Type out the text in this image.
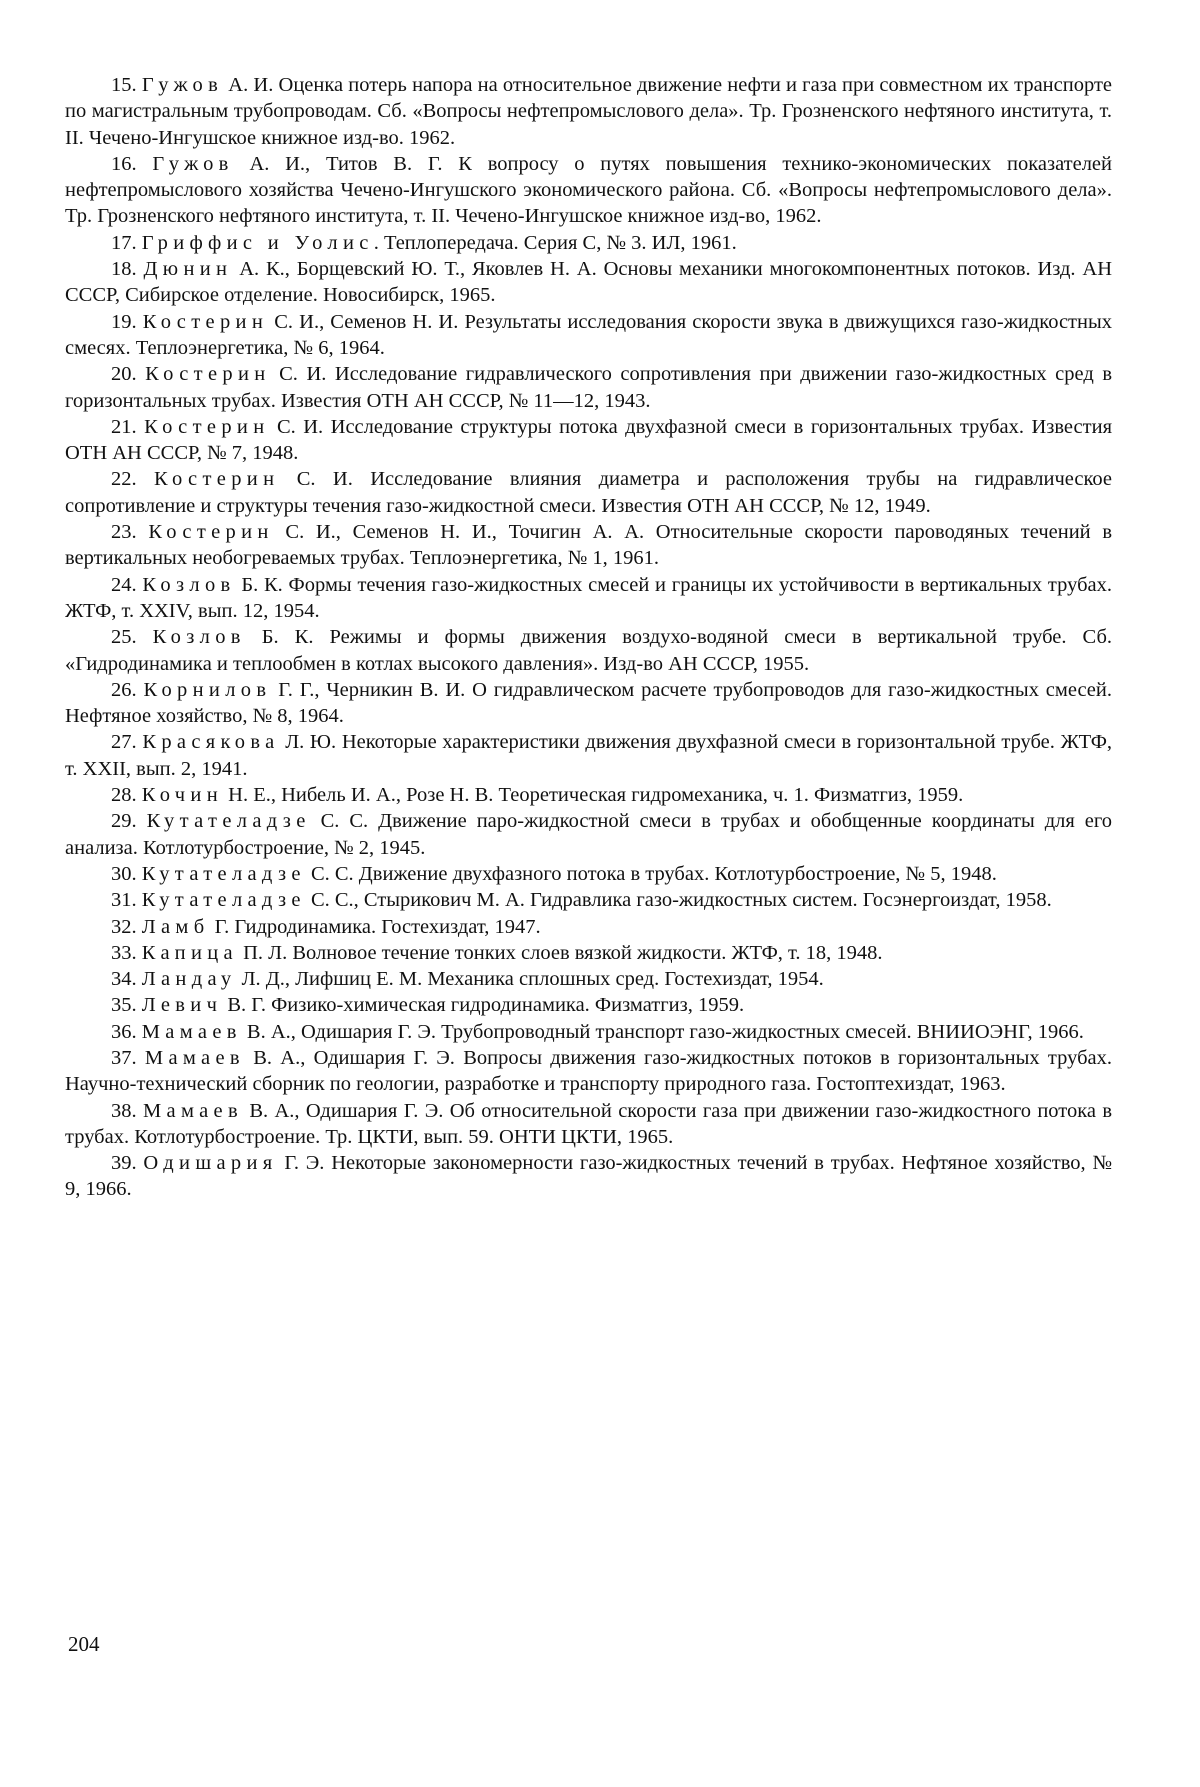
15. Гужов А. И. Оценка потерь напора на относительное движение нефти и газа при совместном их транспорте по магистральным трубопроводам. Сб. «Вопросы нефтепромыслового дела». Тр. Грозненского нефтяного института, т. II. Чечено-Ингушское книжное изд-во. 1962.
16. Гужов А. И., Титов В. Г. К вопросу о путях повышения технико-экономических показателей нефтепромыслового хозяйства Чечено-Ингушского экономического района. Сб. «Вопросы нефтепромыслового дела». Тр. Грозненского нефтяного института, т. II. Чечено-Ингушское книжное изд-во, 1962.
17. Гриффис и Уолис. Теплопередача. Серия С, № 3. ИЛ, 1961.
18. Дюнин А. К., Борщевский Ю. Т., Яковлев Н. А. Основы механики многокомпонентных потоков. Изд. АН СССР, Сибирское отделение. Новосибирск, 1965.
19. Костерин С. И., Семенов Н. И. Результаты исследования скорости звука в движущихся газо-жидкостных смесях. Теплоэнергетика, № 6, 1964.
20. Костерин С. И. Исследование гидравлического сопротивления при движении газо-жидкостных сред в горизонтальных трубах. Известия ОТН АН СССР, № 11—12, 1943.
21. Костерин С. И. Исследование структуры потока двухфазной смеси в горизонтальных трубах. Известия ОТН АН СССР, № 7, 1948.
22. Костерин С. И. Исследование влияния диаметра и расположения трубы на гидравлическое сопротивление и структуры течения газо-жидкостной смеси. Известия ОТН АН СССР, № 12, 1949.
23. Костерин С. И., Семенов Н. И., Точигин А. А. Относительные скорости пароводяных течений в вертикальных необогреваемых трубах. Теплоэнергетика, № 1, 1961.
24. Козлов Б. К. Формы течения газо-жидкостных смесей и границы их устойчивости в вертикальных трубах. ЖТФ, т. XXIV, вып. 12, 1954.
25. Козлов Б. К. Режимы и формы движения воздухо-водяной смеси в вертикальной трубе. Сб. «Гидродинамика и теплообмен в котлах высокого давления». Изд-во АН СССР, 1955.
26. Корнилов Г. Г., Черникин В. И. О гидравлическом расчете трубопроводов для газо-жидкостных смесей. Нефтяное хозяйство, № 8, 1964.
27. Красякова Л. Ю. Некоторые характеристики движения двухфазной смеси в горизонтальной трубе. ЖТФ, т. XXII, вып. 2, 1941.
28. Кочин Н. Е., Нибель И. А., Розе Н. В. Теоретическая гидромеханика, ч. 1. Физматгиз, 1959.
29. Кутателадзе С. С. Движение паро-жидкостной смеси в трубах и обобщенные координаты для его анализа. Котлотурбостроение, № 2, 1945.
30. Кутателадзе С. С. Движение двухфазного потока в трубах. Котлотурбостроение, № 5, 1948.
31. Кутателадзе С. С., Стырикович М. А. Гидравлика газо-жидкостных систем. Госэнергоиздат, 1958.
32. Ламб Г. Гидродинамика. Гостехиздат, 1947.
33. Капица П. Л. Волновое течение тонких слоев вязкой жидкости. ЖТФ, т. 18, 1948.
34. Ландау Л. Д., Лифшиц Е. М. Механика сплошных сред. Гостехиздат, 1954.
35. Левич В. Г. Физико-химическая гидродинамика. Физматгиз, 1959.
36. Мамаев В. А., Одишария Г. Э. Трубопроводный транспорт газо-жидкостных смесей. ВНИИОЭНГ, 1966.
37. Мамаев В. А., Одишария Г. Э. Вопросы движения газо-жидкостных потоков в горизонтальных трубах. Научно-технический сборник по геологии, разработке и транспорту природного газа. Гостоптехиздат, 1963.
38. Мамаев В. А., Одишария Г. Э. Об относительной скорости газа при движении газо-жидкостного потока в трубах. Котлотурбостроение. Тр. ЦКТИ, вып. 59. ОНТИ ЦКТИ, 1965.
39. Одишария Г. Э. Некоторые закономерности газо-жидкостных течений в трубах. Нефтяное хозяйство, № 9, 1966.
204
